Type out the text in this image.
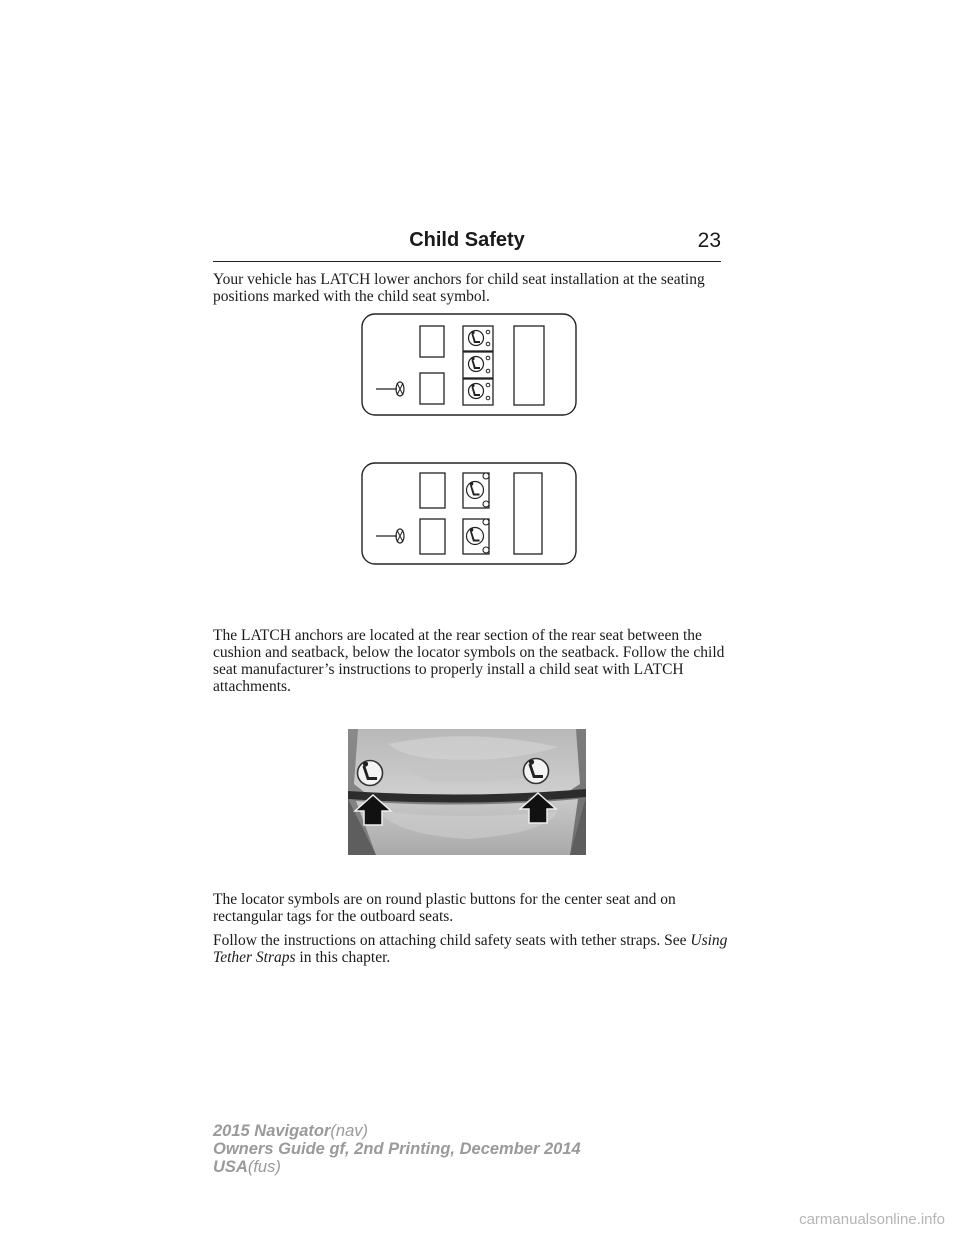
Child Safety	23

Your vehicle has LATCH lower anchors for child seat installation at the seating positions marked with the child seat symbol.

The LATCH anchors are located at the rear section of the rear seat between the cushion and seatback, below the locator symbols on the seatback. Follow the child seat manufacturer’s instructions to properly install a child seat with LATCH attachments.

The locator symbols are on round plastic buttons for the center seat and on rectangular tags for the outboard seats.

Follow the instructions on attaching child safety seats with tether straps. See Using Tether Straps in this chapter.

2015 Navigator(nav)
Owners Guide gf, 2nd Printing, December 2014
USA(fus)
carmanualsonline.info
